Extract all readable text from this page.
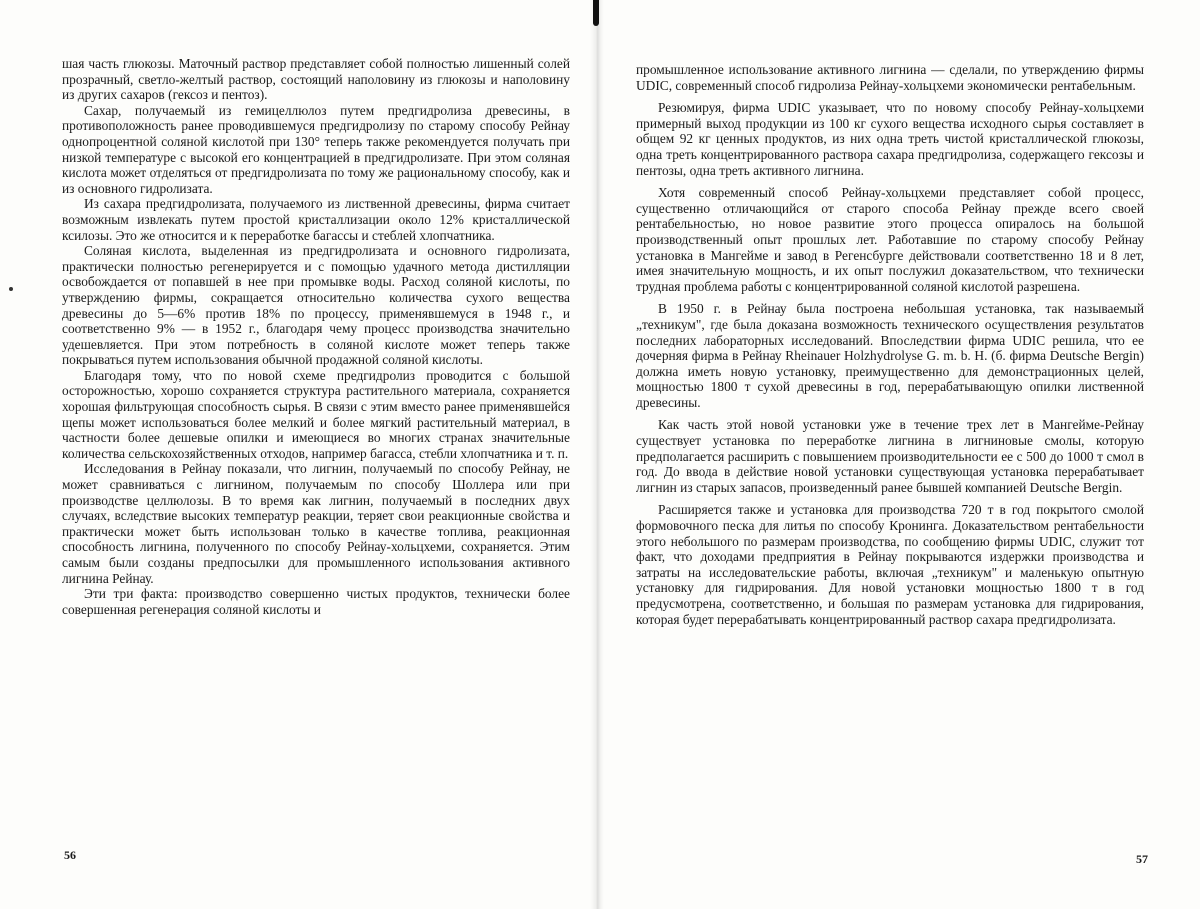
шая часть глюкозы. Маточный раствор представляет собой полностью лишенный солей прозрачный, светло-желтый раствор, состоящий наполовину из глюкозы и наполовину из других сахаров (гексоз и пентоз).

Сахар, получаемый из гемицеллюлоз путем предгидролиза древесины, в противоположность ранее проводившемуся предгидролизу по старому способу Рейнау однопроцентной соляной кислотой при 130° теперь также рекомендуется получать при низкой температуре с высокой его концентрацией в предгидролизате. При этом соляная кислота может отделяться от предгидролизата по тому же рациональному способу, как и из основного гидролизата.

Из сахара предгидролизата, получаемого из лиственной древесины, фирма считает возможным извлекать путем простой кристаллизации около 12% кристаллической ксилозы. Это же относится и к переработке багассы и стеблей хлопчатника.

Соляная кислота, выделенная из предгидролизата и основного гидролизата, практически полностью регенерируется и с помощью удачного метода дистилляции освобождается от попавшей в нее при промывке воды. Расход соляной кислоты, по утверждению фирмы, сокращается относительно количества сухого вещества древесины до 5—6% против 18% по процессу, применявшемуся в 1948 г., и соответственно 9% — в 1952 г., благодаря чему процесс производства значительно удешевляется. При этом потребность в соляной кислоте может теперь также покрываться путем использования обычной продажной соляной кислоты.

Благодаря тому, что по новой схеме предгидролиз проводится с большой осторожностью, хорошо сохраняется структура растительного материала, сохраняется хорошая фильтрующая способность сырья. В связи с этим вместо ранее применявшейся щепы может использоваться более мелкий и более мягкий растительный материал, в частности более дешевые опилки и имеющиеся во многих странах значительные количества сельскохозяйственных отходов, например багасса, стебли хлопчатника и т. п.

Исследования в Рейнау показали, что лигнин, получаемый по способу Рейнау, не может сравниваться с лигнином, получаемым по способу Шоллера или при производстве целлюлозы. В то время как лигнин, получаемый в последних двух случаях, вследствие высоких температур реакции, теряет свои реакционные свойства и практически может быть использован только в качестве топлива, реакционная способность лигнина, полученного по способу Рейнау-хольцхеми, сохраняется. Этим самым были созданы предпосылки для промышленного использования активного лигнина Рейнау.

Эти три факта: производство совершенно чистых продуктов, технически более совершенная регенерация соляной кислоты и

56

промышленное использование активного лигнина — сделали, по утверждению фирмы UDIC, современный способ гидролиза Рейнау-хольцхеми экономически рентабельным.

Резюмируя, фирма UDIC указывает, что по новому способу Рейнау-хольцхеми примерный выход продукции из 100 кг сухого вещества исходного сырья составляет в общем 92 кг ценных продуктов, из них одна треть чистой кристаллической глюкозы, одна треть концентрированного раствора сахара предгидролиза, содержащего гексозы и пентозы, одна треть активного лигнина.

Хотя современный способ Рейнау-хольцхеми представляет собой процесс, существенно отличающийся от старого способа Рейнау прежде всего своей рентабельностью, но новое развитие этого процесса опиралось на большой производственный опыт прошлых лет. Работавшие по старому способу Рейнау установка в Мангейме и завод в Регенсбурге действовали соответственно 18 и 8 лет, имея значительную мощность, и их опыт послужил доказательством, что технически трудная проблема работы с концентрированной соляной кислотой разрешена.

В 1950 г. в Рейнау была построена небольшая установка, так называемый „техникум", где была доказана возможность технического осуществления результатов последних лабораторных исследований. Впоследствии фирма UDIC решила, что ее дочерняя фирма в Рейнау Rheinauer Holzhydrolyse G. m. b. H. (б. фирма Deutsche Bergin) должна иметь новую установку, преимущественно для демонстрационных целей, мощностью 1800 т сухой древесины в год, перерабатывающую опилки лиственной древесины.

Как часть этой новой установки уже в течение трех лет в Мангейме-Рейнау существует установка по переработке лигнина в лигниновые смолы, которую предполагается расширить с повышением производительности ее с 500 до 1000 т смол в год. До ввода в действие новой установки существующая установка перерабатывает лигнин из старых запасов, произведенный ранее бывшей компанией Deutsche Bergin.

Расширяется также и установка для производства 720 т в год покрытого смолой формовочного песка для литья по способу Кронинга. Доказательством рентабельности этого небольшого по размерам производства, по сообщению фирмы UDIC, служит тот факт, что доходами предприятия в Рейнау покрываются издержки производства и затраты на исследовательские работы, включая „техникум" и маленькую опытную установку для гидрирования. Для новой установки мощностью 1800 т в год предусмотрена, соответственно, и большая по размерам установка для гидрирования, которая будет перерабатывать концентрированный раствор сахара предгидролизата.

57
